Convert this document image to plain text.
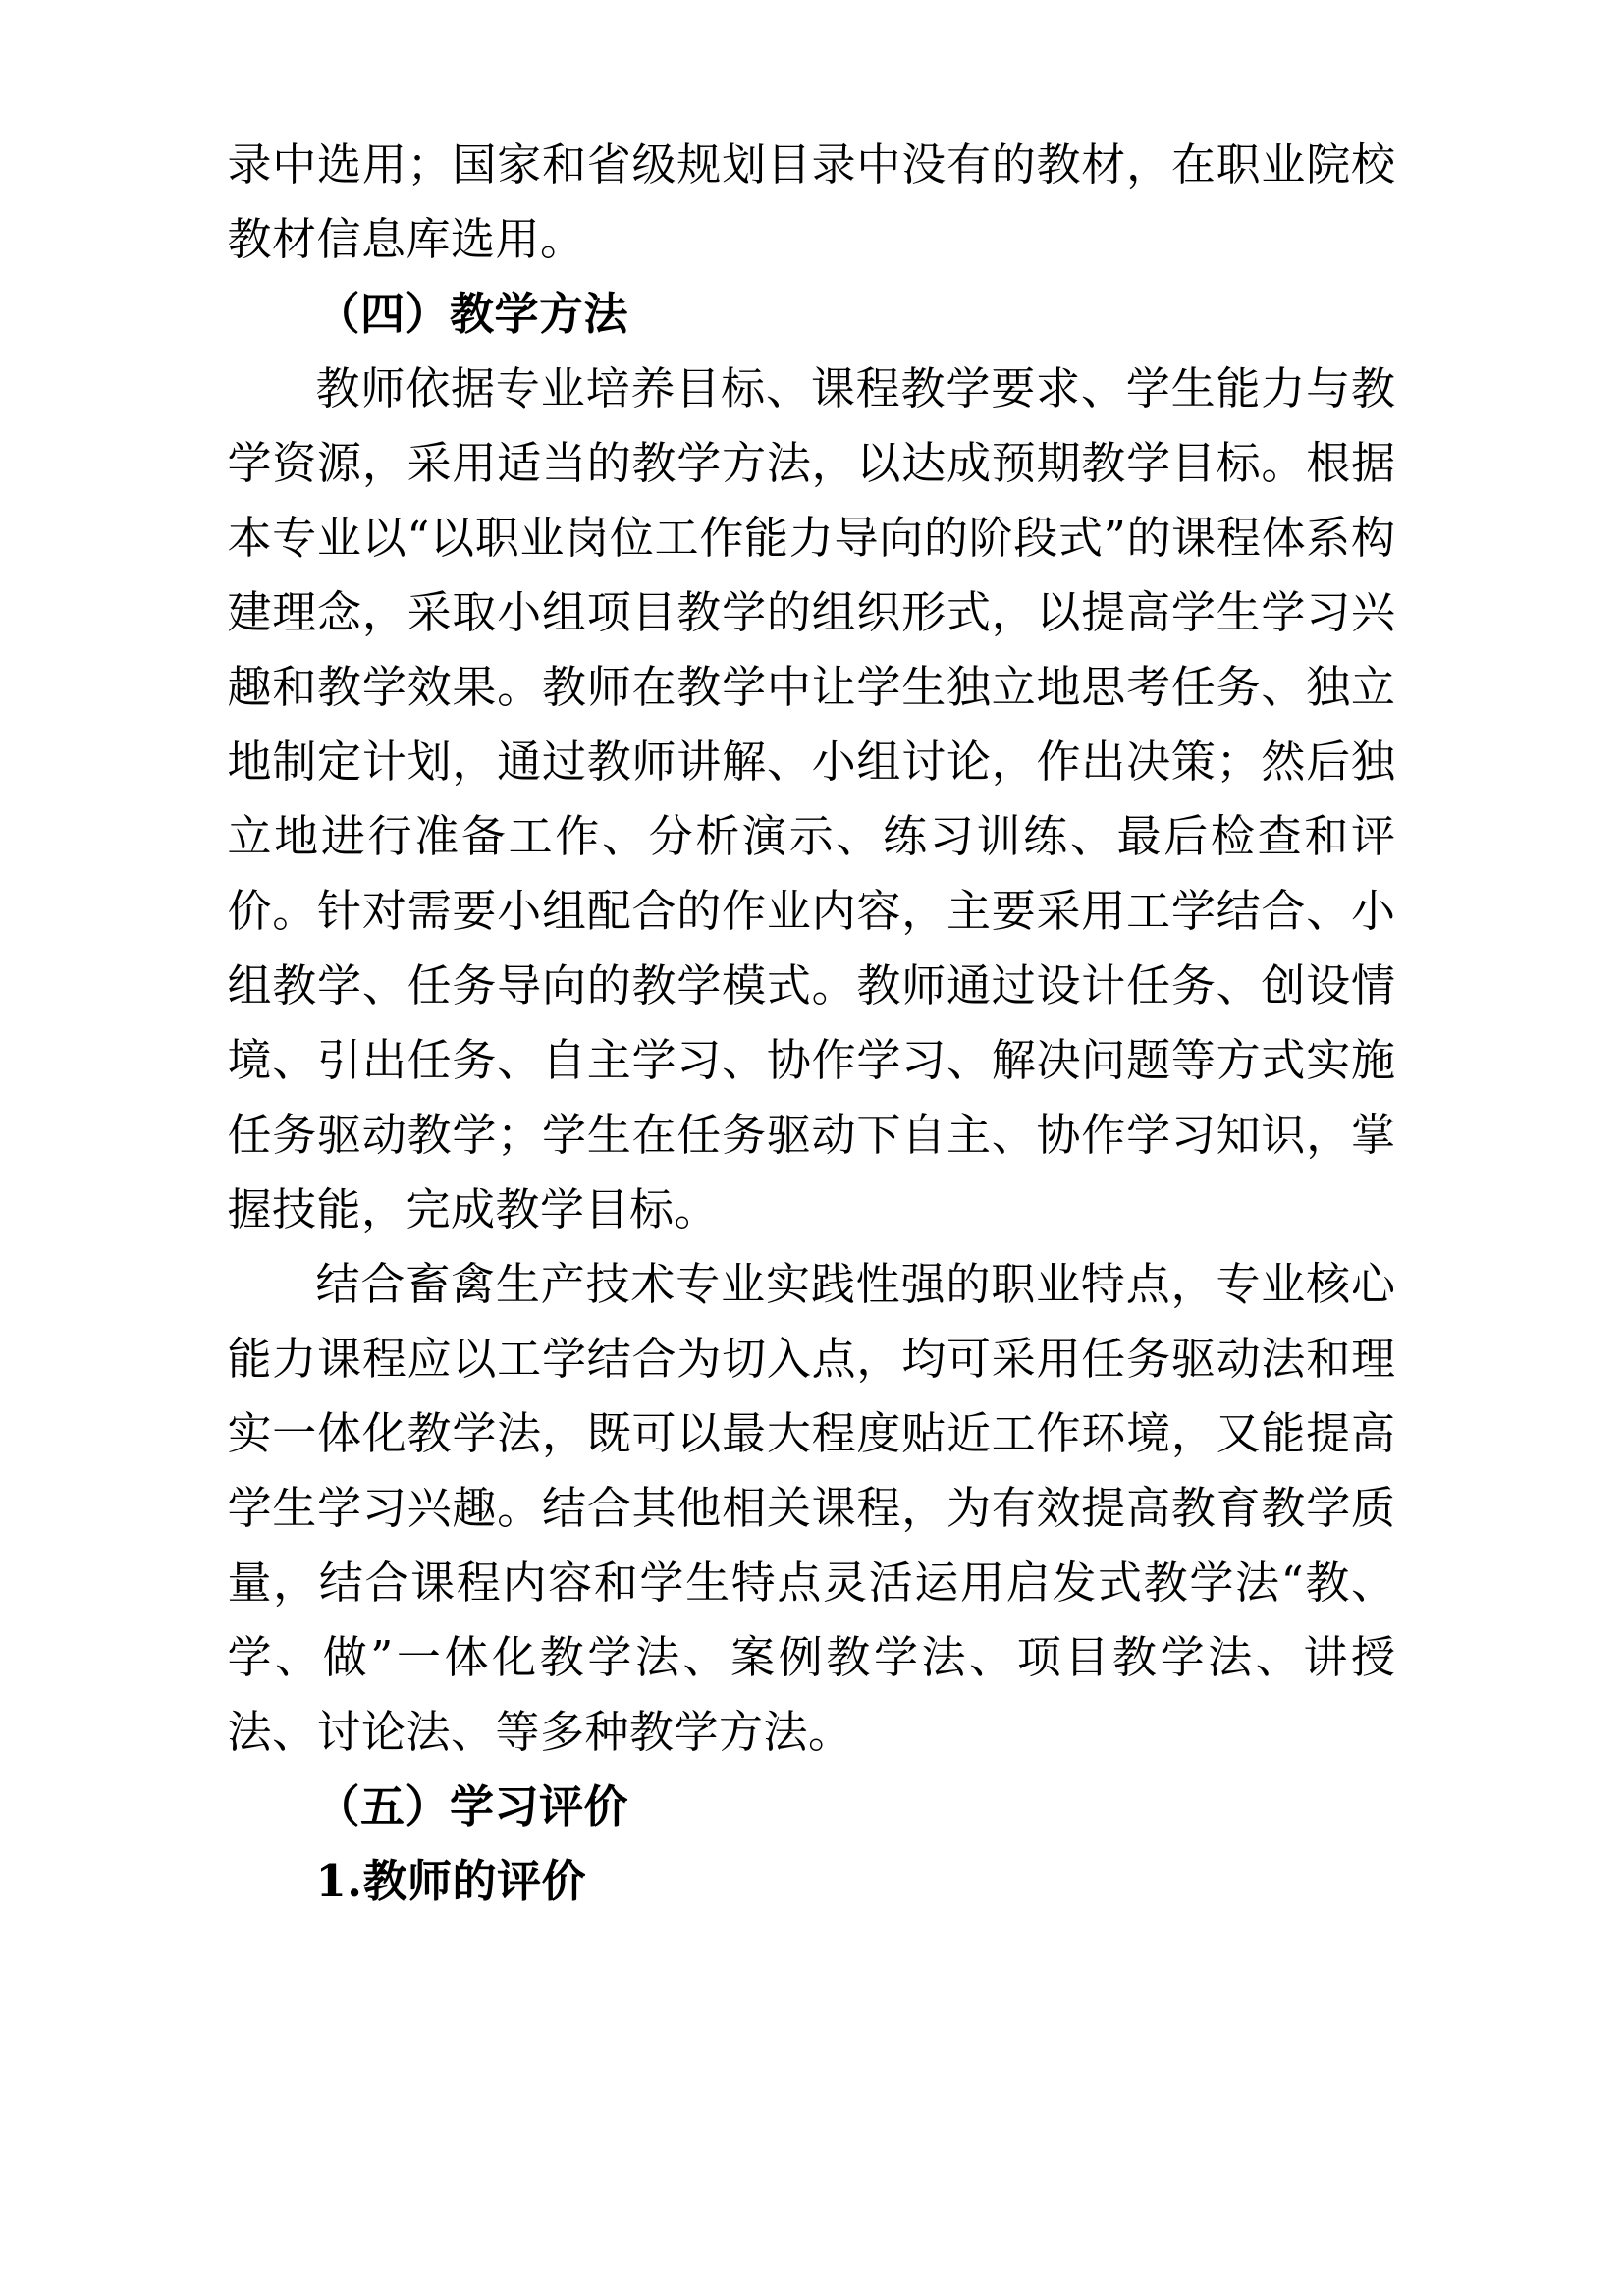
录中选用；国家和省级规划目录中没有的教材，在职业院校教材信息库选用。

（四）教学方法

教师依据专业培养目标、课程教学要求、学生能力与教学资源，采用适当的教学方法，以达成预期教学目标。根据本专业以“以职业岗位工作能力导向的阶段式”的课程体系构建理念，采取小组项目教学的组织形式，以提高学生学习兴趣和教学效果。教师在教学中让学生独立地思考任务、独立地制定计划，通过教师讲解、小组讨论，作出决策；然后独立地进行准备工作、分析演示、练习训练、最后检查和评价。针对需要小组配合的作业内容，主要采用工学结合、小组教学、任务导向的教学模式。教师通过设计任务、创设情境、引出任务、自主学习、协作学习、解决问题等方式实施任务驱动教学；学生在任务驱动下自主、协作学习知识，掌握技能，完成教学目标。

结合畜禽生产技术专业实践性强的职业特点，专业核心能力课程应以工学结合为切入点，均可采用任务驱动法和理实一体化教学法，既可以最大程度贴近工作环境，又能提高学生学习兴趣。结合其他相关课程，为有效提高教育教学质量，结合课程内容和学生特点灵活运用启发式教学法“教、学、做”一体化教学法、案例教学法、项目教学法、讲授法、讨论法、等多种教学方法。

（五）学习评价

1.教师的评价
